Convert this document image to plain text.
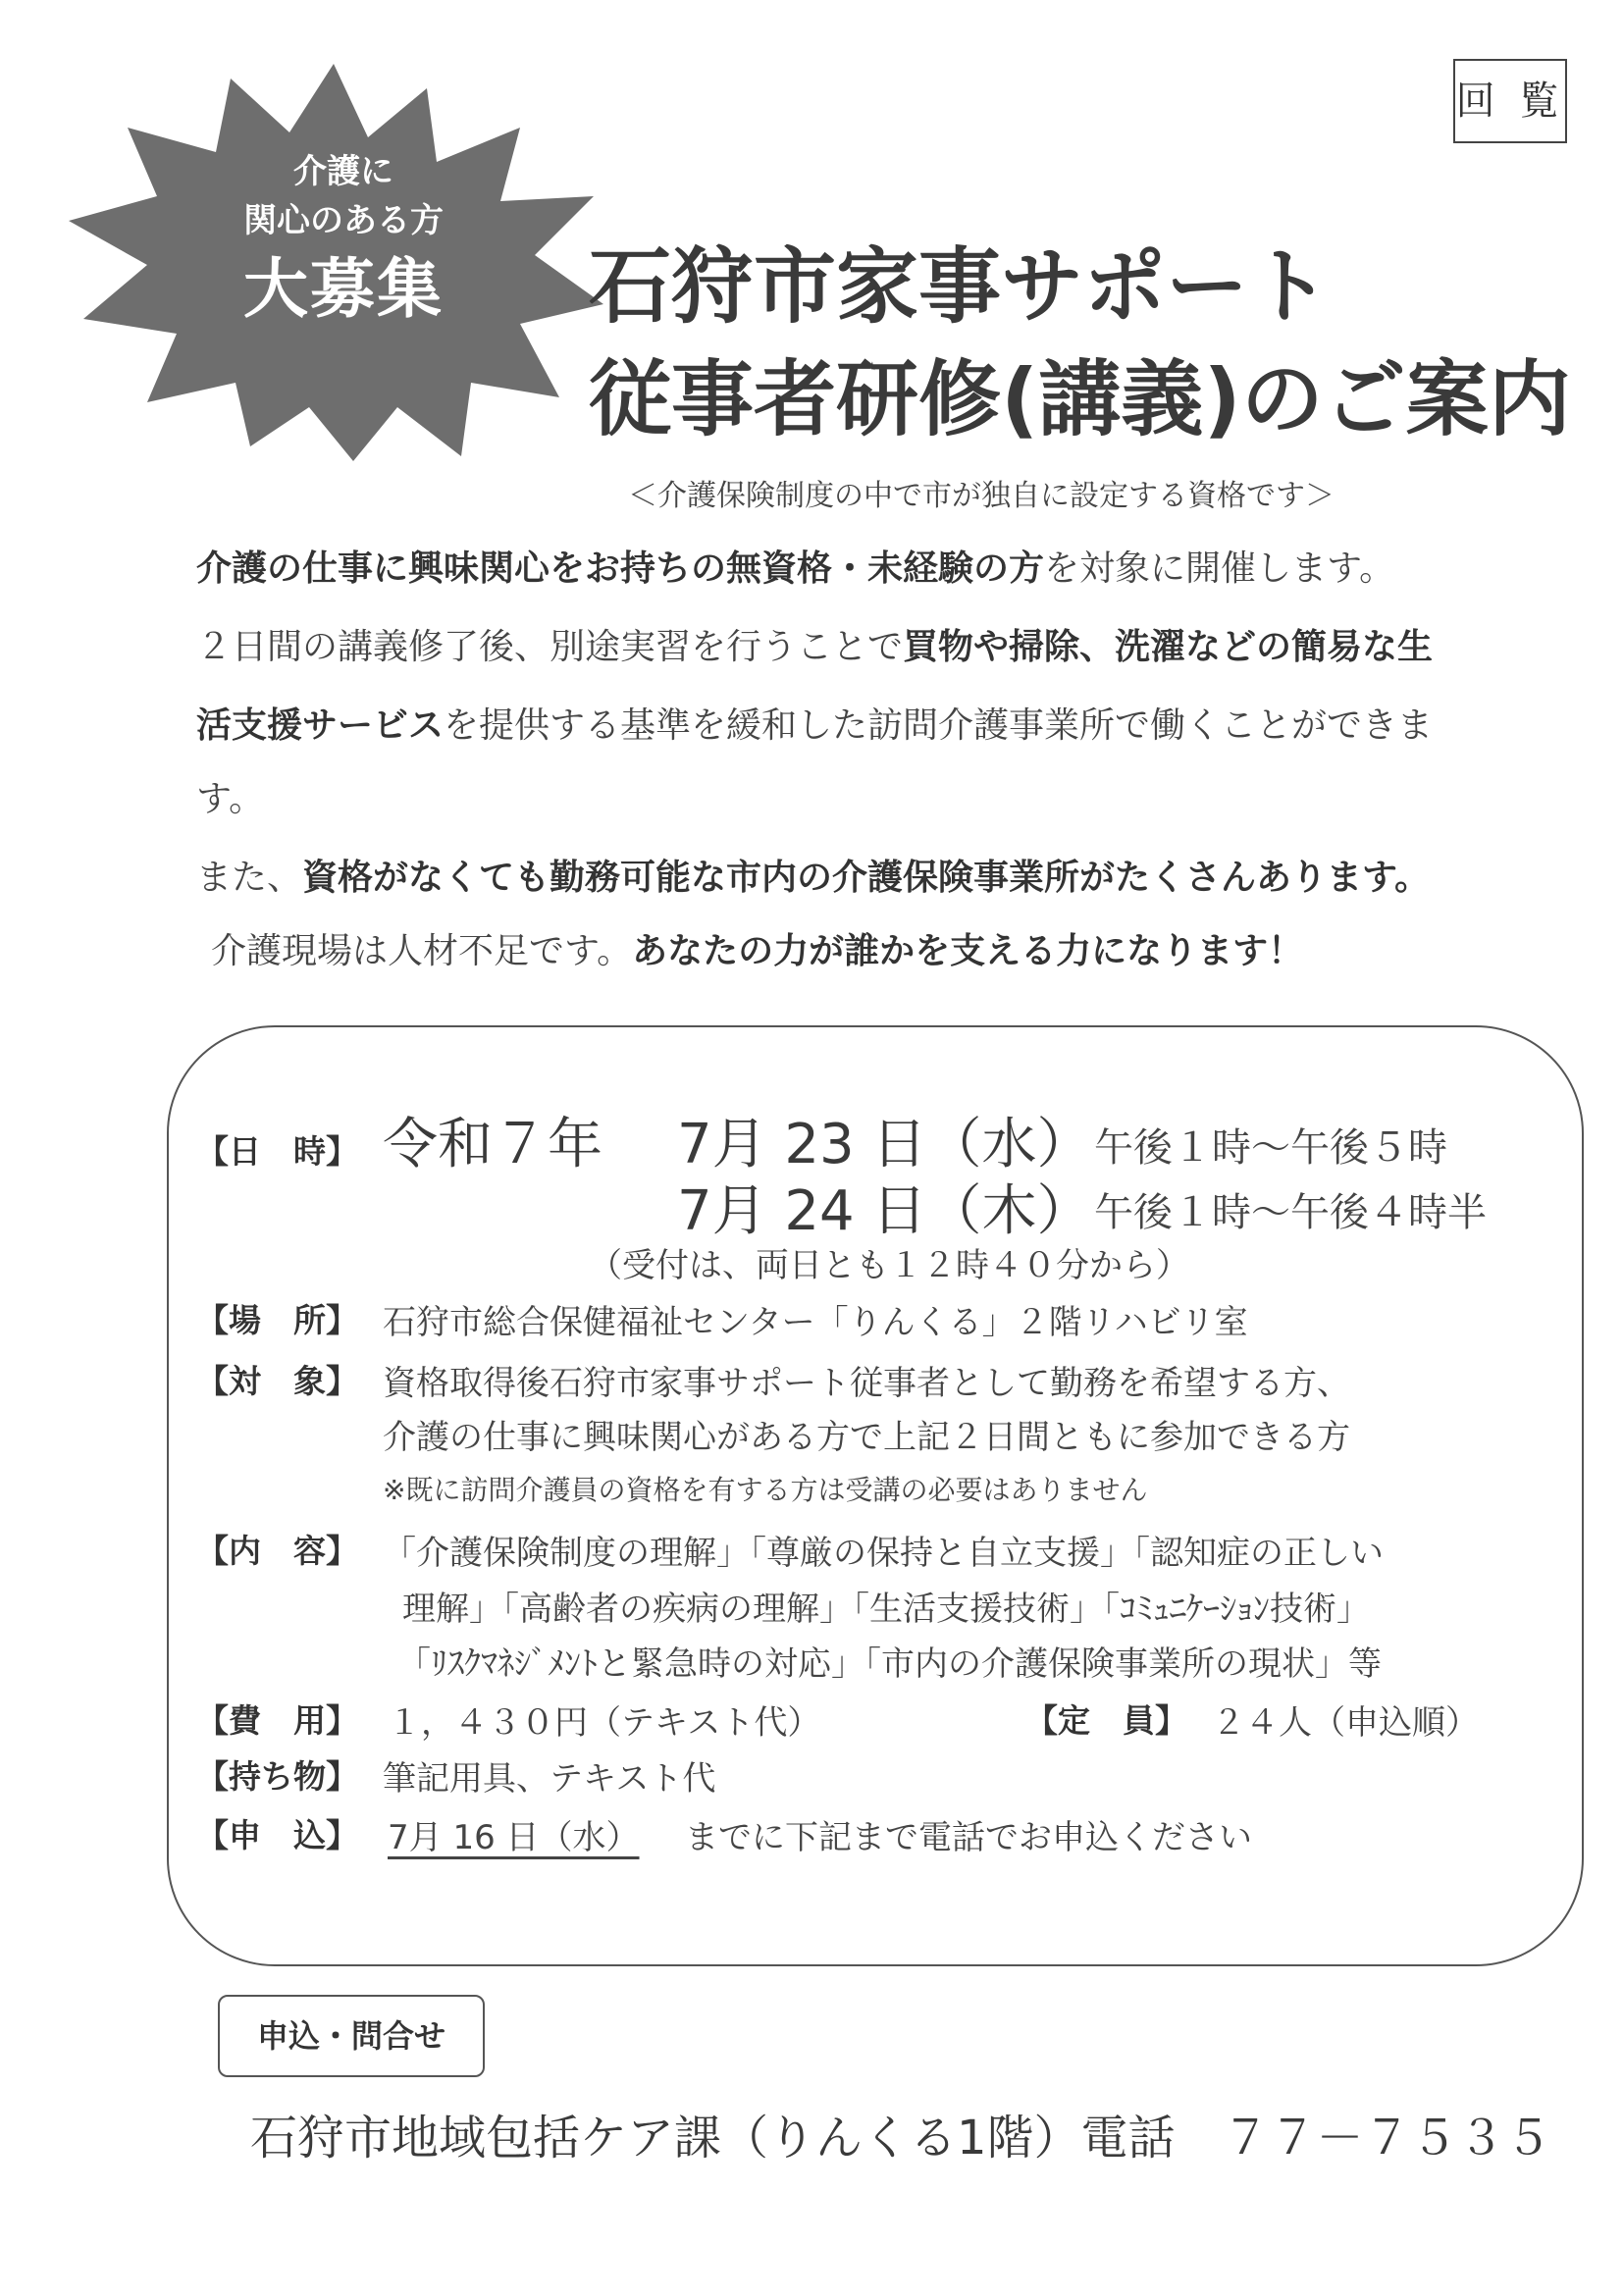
回 覧
介護に
関心のある方
大募集	石狩市家事サポート
従事者研修(講義)のご案内
＜介護保険制度の中で市が独自に設定する資格です＞
介護の仕事に興味関心をお持ちの無資格・未経験の方を対象に開催します。
２日間の講義修了後、別途実習を行うことで買物や掃除、洗濯などの簡易な生
活支援サービスを提供する基準を緩和した訪問介護事業所で働くことができま
す。
また、資格がなくても勤務可能な市内の介護保険事業所がたくさんあります。
介護現場は人材不足です。あなたの力が誰かを支える力になります！
【日　時】 令和７年 7月 23 日（水） 午後１時～午後５時
7月 24 日（木） 午後１時～午後４時半
（受付は、両日とも１２時４０分から）
【場　所】 石狩市総合保健福祉センター「りんくる」２階リハビリ室
【対　象】 資格取得後石狩市家事サポート従事者として勤務を希望する方、
介護の仕事に興味関心がある方で上記２日間ともに参加できる方
※既に訪問介護員の資格を有する方は受講の必要はありません
【内　容】 「介護保険制度の理解」「尊厳の保持と自立支援」「認知症の正しい
理解」「高齢者の疾病の理解」「生活支援技術」「ｺﾐｭﾆｹｰｼｮﾝ技術」
「ﾘｽｸﾏﾈｼﾞﾒﾝﾄと緊急時の対応」「市内の介護保険事業所の現状」等
【費　用】 １，４３０円（テキスト代）	【定　員】 ２４人（申込順）
【持ち物】 筆記用具、テキスト代
【申　込】 7月 16 日（水） までに下記まで電話でお申込ください
申込・問合せ
石狩市地域包括ケア課（りんくる1階）電話　７７－７５３５
